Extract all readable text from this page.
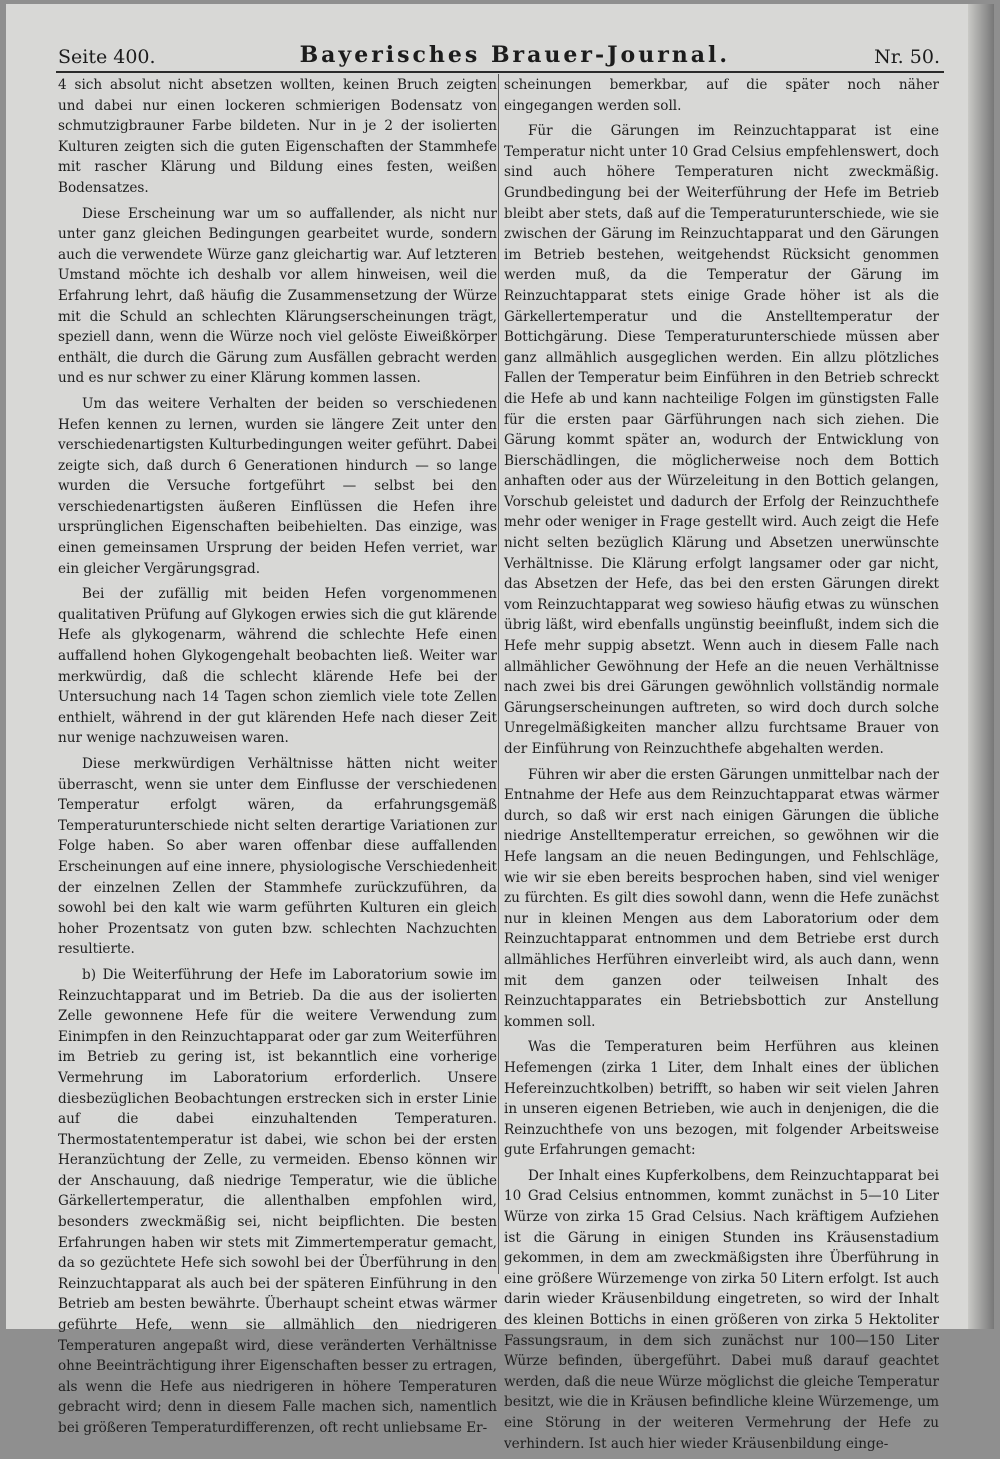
Seite 400.	Bayerisches Brauer-Journal.	Nr. 50.

4 sich absolut nicht absetzen wollten, keinen Bruch zeigten und dabei nur einen lockeren schmierigen Bodensatz von schmutzigbrauner Farbe bildeten. Nur in je 2 der isolierten Kulturen zeigten sich die guten Eigenschaften der Stammhefe mit rascher Klärung und Bildung eines festen, weißen Bodensatzes.

Diese Erscheinung war um so auffallender, als nicht nur unter ganz gleichen Bedingungen gearbeitet wurde, sondern auch die verwendete Würze ganz gleichartig war. Auf letzteren Umstand möchte ich deshalb vor allem hinweisen, weil die Erfahrung lehrt, daß häufig die Zusammensetzung der Würze mit die Schuld an schlechten Klärungserscheinungen trägt, speziell dann, wenn die Würze noch viel gelöste Eiweißkörper enthält, die durch die Gärung zum Ausfällen gebracht werden und es nur schwer zu einer Klärung kommen lassen.

Um das weitere Verhalten der beiden so verschiedenen Hefen kennen zu lernen, wurden sie längere Zeit unter den verschiedenartigsten Kulturbedingungen weiter geführt. Dabei zeigte sich, daß durch 6 Generationen hindurch — so lange wurden die Versuche fortgeführt — selbst bei den verschiedenartigsten äußeren Einflüssen die Hefen ihre ursprünglichen Eigenschaften beibehielten. Das einzige, was einen gemeinsamen Ursprung der beiden Hefen verriet, war ein gleicher Vergärungsgrad.

Bei der zufällig mit beiden Hefen vorgenommenen qualitativen Prüfung auf Glykogen erwies sich die gut klärende Hefe als glykogenarm, während die schlechte Hefe einen auffallend hohen Glykogengehalt beobachten ließ. Weiter war merkwürdig, daß die schlecht klärende Hefe bei der Untersuchung nach 14 Tagen schon ziemlich viele tote Zellen enthielt, während in der gut klärenden Hefe nach dieser Zeit nur wenige nachzuweisen waren.

Diese merkwürdigen Verhältnisse hätten nicht weiter überrascht, wenn sie unter dem Einflusse der verschiedenen Temperatur erfolgt wären, da erfahrungsgemäß Temperaturunterschiede nicht selten derartige Variationen zur Folge haben. So aber waren offenbar diese auffallenden Erscheinungen auf eine innere, physiologische Verschiedenheit der einzelnen Zellen der Stammhefe zurückzuführen, da sowohl bei den kalt wie warm geführten Kulturen ein gleich hoher Prozentsatz von guten bzw. schlechten Nachzuchten resultierte.

b) Die Weiterführung der Hefe im Laboratorium sowie im Reinzuchtapparat und im Betrieb. Da die aus der isolierten Zelle gewonnene Hefe für die weitere Verwendung zum Einimpfen in den Reinzuchtapparat oder gar zum Weiterführen im Betrieb zu gering ist, ist bekanntlich eine vorherige Vermehrung im Laboratorium erforderlich. Unsere diesbezüglichen Beobachtungen erstrecken sich in erster Linie auf die dabei einzuhaltenden Temperaturen. Thermostatentemperatur ist dabei, wie schon bei der ersten Heranzüchtung der Zelle, zu vermeiden. Ebenso können wir der Anschauung, daß niedrige Temperatur, wie die übliche Gärkellertemperatur, die allenthalben empfohlen wird, besonders zweckmäßig sei, nicht beipflichten. Die besten Erfahrungen haben wir stets mit Zimmertemperatur gemacht, da so gezüchtete Hefe sich sowohl bei der Überführung in den Reinzuchtapparat als auch bei der späteren Einführung in den Betrieb am besten bewährte. Überhaupt scheint etwas wärmer geführte Hefe, wenn sie allmählich den niedrigeren Temperaturen angepaßt wird, diese veränderten Verhältnisse ohne Beeinträchtigung ihrer Eigenschaften besser zu ertragen, als wenn die Hefe aus niedrigeren in höhere Temperaturen gebracht wird; denn in diesem Falle machen sich, namentlich bei größeren Temperaturdifferenzen, oft recht unliebsame Er-

scheinungen bemerkbar, auf die später noch näher eingegangen werden soll.

Für die Gärungen im Reinzuchtapparat ist eine Temperatur nicht unter 10 Grad Celsius empfehlenswert, doch sind auch höhere Temperaturen nicht zweckmäßig. Grundbedingung bei der Weiterführung der Hefe im Betrieb bleibt aber stets, daß auf die Temperaturunterschiede, wie sie zwischen der Gärung im Reinzuchtapparat und den Gärungen im Betrieb bestehen, weitgehendst Rücksicht genommen werden muß, da die Temperatur der Gärung im Reinzuchtapparat stets einige Grade höher ist als die Gärkellertemperatur und die Anstelltemperatur der Bottichgärung. Diese Temperaturunterschiede müssen aber ganz allmählich ausgeglichen werden. Ein allzu plötzliches Fallen der Temperatur beim Einführen in den Betrieb schreckt die Hefe ab und kann nachteilige Folgen im günstigsten Falle für die ersten paar Gärführungen nach sich ziehen. Die Gärung kommt später an, wodurch der Entwicklung von Bierschädlingen, die möglicherweise noch dem Bottich anhaften oder aus der Würzeleitung in den Bottich gelangen, Vorschub geleistet und dadurch der Erfolg der Reinzuchthefe mehr oder weniger in Frage gestellt wird. Auch zeigt die Hefe nicht selten bezüglich Klärung und Absetzen unerwünschte Verhältnisse. Die Klärung erfolgt langsamer oder gar nicht, das Absetzen der Hefe, das bei den ersten Gärungen direkt vom Reinzuchtapparat weg sowieso häufig etwas zu wünschen übrig läßt, wird ebenfalls ungünstig beeinflußt, indem sich die Hefe mehr suppig absetzt. Wenn auch in diesem Falle nach allmählicher Gewöhnung der Hefe an die neuen Verhältnisse nach zwei bis drei Gärungen gewöhnlich vollständig normale Gärungserscheinungen auftreten, so wird doch durch solche Unregelmäßigkeiten mancher allzu furchtsame Brauer von der Einführung von Reinzuchthefe abgehalten werden.

Führen wir aber die ersten Gärungen unmittelbar nach der Entnahme der Hefe aus dem Reinzuchtapparat etwas wärmer durch, so daß wir erst nach einigen Gärungen die übliche niedrige Anstelltemperatur erreichen, so gewöhnen wir die Hefe langsam an die neuen Bedingungen, und Fehlschläge, wie wir sie eben bereits besprochen haben, sind viel weniger zu fürchten. Es gilt dies sowohl dann, wenn die Hefe zunächst nur in kleinen Mengen aus dem Laboratorium oder dem Reinzuchtapparat entnommen und dem Betriebe erst durch allmähliches Herführen einverleibt wird, als auch dann, wenn mit dem ganzen oder teilweisen Inhalt des Reinzuchtapparates ein Betriebsbottich zur Anstellung kommen soll.

Was die Temperaturen beim Herführen aus kleinen Hefemengen (zirka 1 Liter, dem Inhalt eines der üblichen Hefereinzuchtkolben) betrifft, so haben wir seit vielen Jahren in unseren eigenen Betrieben, wie auch in denjenigen, die die Reinzuchthefe von uns bezogen, mit folgender Arbeitsweise gute Erfahrungen gemacht:

Der Inhalt eines Kupferkolbens, dem Reinzuchtapparat bei 10 Grad Celsius entnommen, kommt zunächst in 5—10 Liter Würze von zirka 15 Grad Celsius. Nach kräftigem Aufziehen ist die Gärung in einigen Stunden ins Kräusenstadium gekommen, in dem am zweckmäßigsten ihre Überführung in eine größere Würzemenge von zirka 50 Litern erfolgt. Ist auch darin wieder Kräusenbildung eingetreten, so wird der Inhalt des kleinen Bottichs in einen größeren von zirka 5 Hektoliter Fassungsraum, in dem sich zunächst nur 100—150 Liter Würze befinden, übergeführt. Dabei muß darauf geachtet werden, daß die neue Würze möglichst die gleiche Temperatur besitzt, wie die in Kräusen befindliche kleine Würzemenge, um eine Störung in der weiteren Vermehrung der Hefe zu verhindern. Ist auch hier wieder Kräusenbildung einge-
